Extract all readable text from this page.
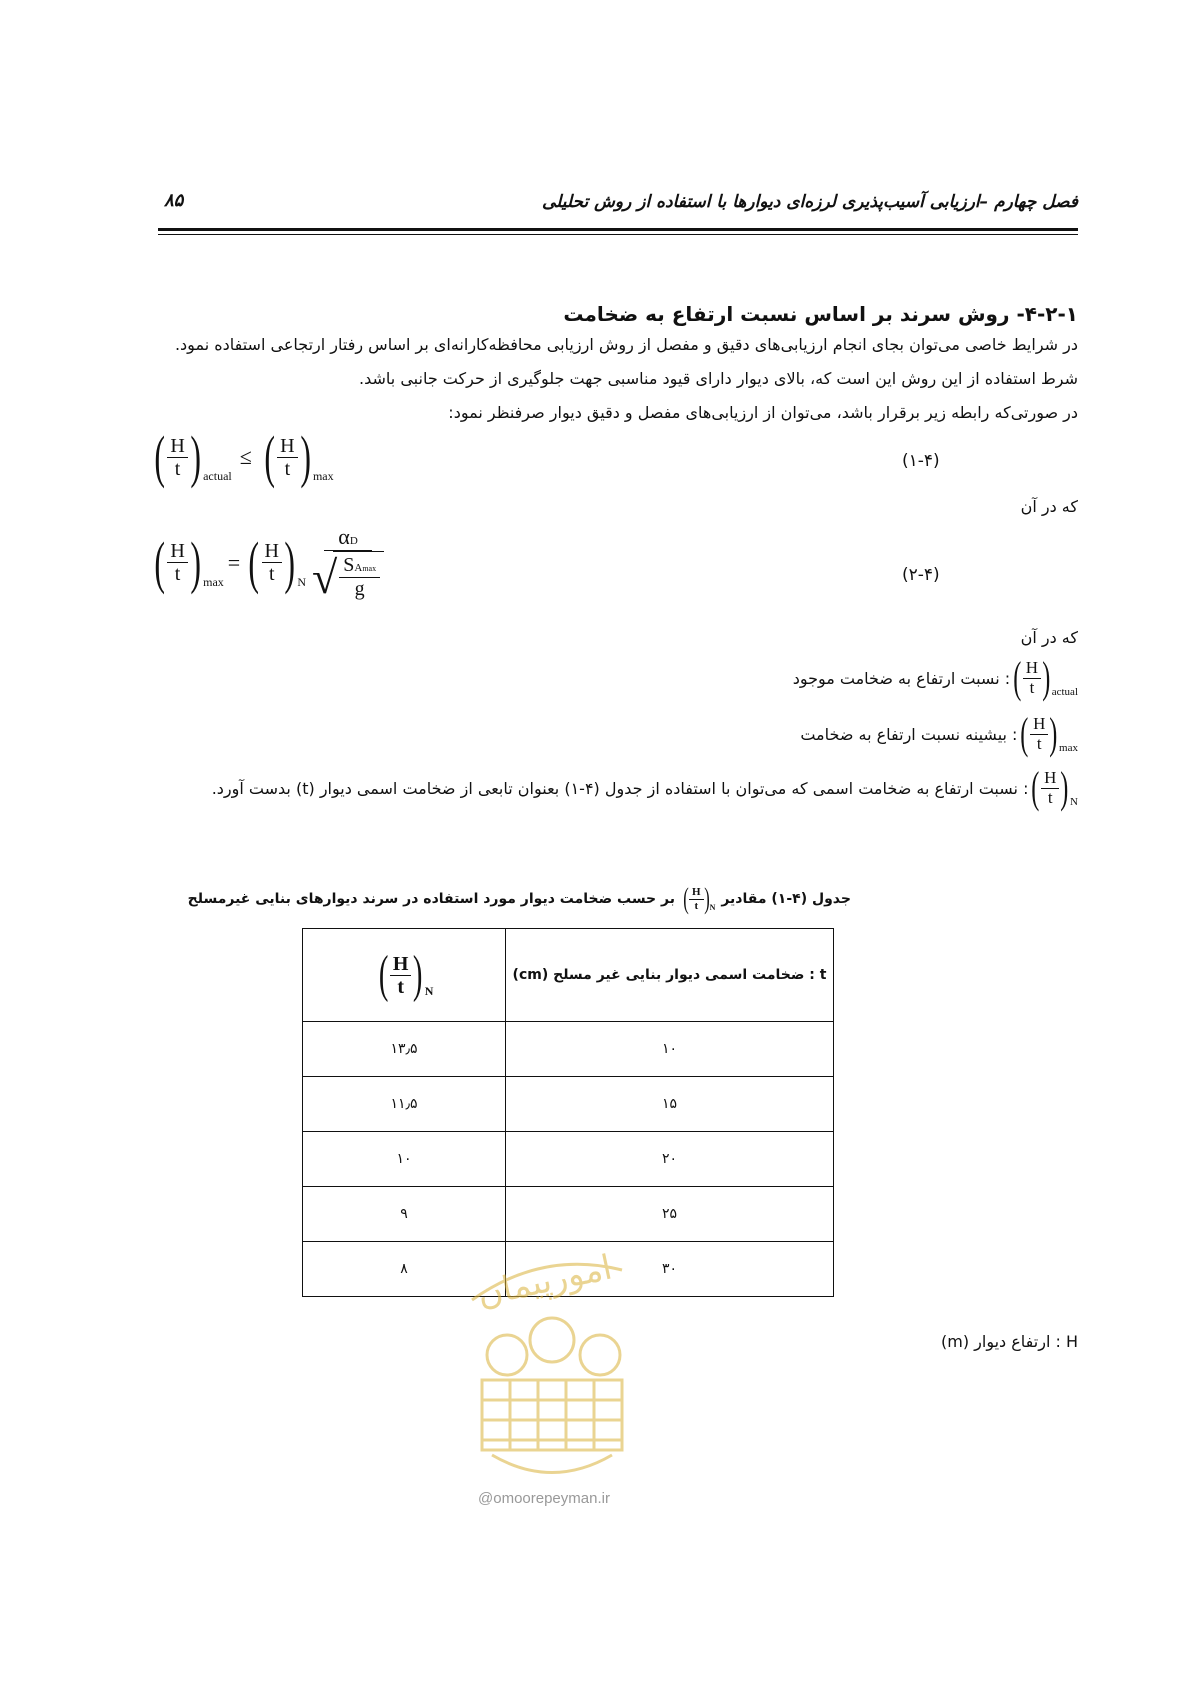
فصل چهارم –ارزیابی آسیب‌پذیری لرزه‌ای دیوارها با استفاده از روش تحلیلی
۸۵
۴-۲-۱- روش سرند بر اساس نسبت ارتفاع به ضخامت

در شرایط خاصی می‌توان بجای انجام ارزیابی‌های دقیق و مفصل از روش ارزیابی محافظه‌کارانه‌ای بر اساس رفتار ارتجاعی استفاده نمود.

شرط استفاده از این روش این است که، بالای دیوار دارای قیود مناسبی جهت جلوگیری از حرکت جانبی باشد.

در صورتی‌که رابطه زیر برقرار باشد، می‌توان از ارزیابی‌های مفصل و دقیق دیوار صرفنظر نمود:

( $\frac{H}{t}$ ) actual
≤ ( $\frac{H}{t}$ ) max
(۱-۴)
که در آن
( $\frac{H}{t}$ ) max
= ( $\frac{H}{t}$ ) N αD
√ SAmax
g	(۲-۴)
که در آن
( $\frac{H}{t}$ ) actual
: نسبت ارتفاع به ضخامت موجود
( $\frac{H}{t}$ ) max
: بیشینه نسبت ارتفاع به ضخامت
( $\frac{H}{t}$ ) N
: نسبت ارتفاع به ضخامت اسمی که می‌توان با استفاده از جدول (۴-۱) بعنوان تابعی از ضخامت اسمی دیوار (t) بدست آورد.
جدول (۴-۱) مقادیر
( $\frac{H}{t}$ ) N
بر حسب ضخامت دیوار مورد استفاده در سرند دیوارهای بنایی غیرمسلح
( $\frac{H}{t}$ ) N	t : ضخامت اسمی دیوار بنایی غیر مسلح (cm)
۱۳٫۵	۱۰
۱۱٫۵	۱۵
۱۰	۲۰
۹	۲۵
۸	۳۰
H : ارتفاع دیوار (m)
امورپیمان
@omoorepeyman.ir
